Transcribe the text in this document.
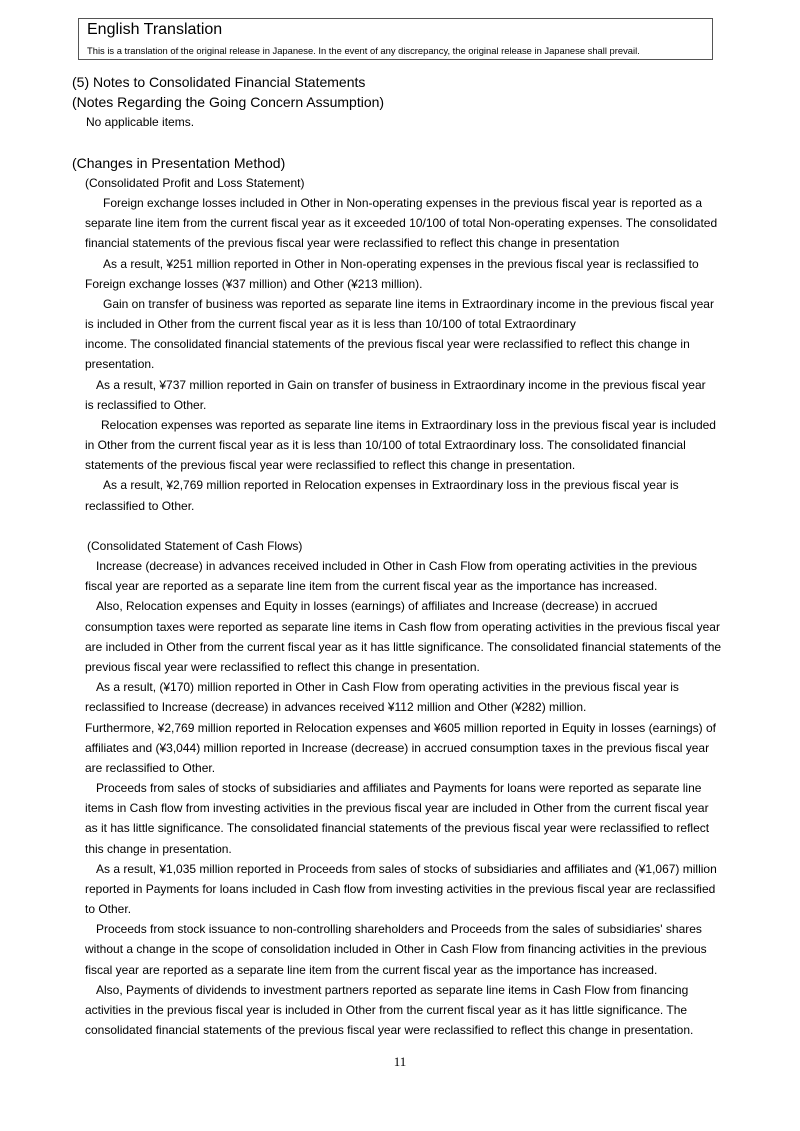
English Translation
This is a translation of the original release in Japanese. In the event of any discrepancy, the original release in Japanese shall prevail.
(5) Notes to Consolidated Financial Statements
(Notes Regarding the Going Concern Assumption)
No applicable items.
(Changes in Presentation Method)
(Consolidated Profit and Loss Statement)
Foreign exchange losses included in Other in Non-operating expenses in the previous fiscal year is reported as a
separate line item from the current fiscal year as it exceeded 10/100 of total Non-operating expenses. The consolidated
financial statements of the previous fiscal year were reclassified to reflect this change in presentation
As a result, ¥251 million reported in Other in Non-operating expenses in the previous fiscal year is reclassified to
Foreign exchange losses (¥37 million) and Other (¥213 million).
Gain on transfer of business was reported as separate line items in Extraordinary income in the previous fiscal year
is included in Other from the current fiscal year as it is less than 10/100 of total Extraordinary
income. The consolidated financial statements of the previous fiscal year were reclassified to reflect this change in
presentation.
As a result, ¥737 million reported in Gain on transfer of business in Extraordinary income in the previous fiscal year
is reclassified to Other.
Relocation expenses was reported as separate line items in Extraordinary loss in the previous fiscal year is included
in Other from the current fiscal year as it is less than 10/100 of total Extraordinary loss. The consolidated financial
statements of the previous fiscal year were reclassified to reflect this change in presentation.
As a result, ¥2,769 million reported in Relocation expenses in Extraordinary loss in the previous fiscal year is
reclassified to Other.
(Consolidated Statement of Cash Flows)
Increase (decrease) in advances received included in Other in Cash Flow from operating activities in the previous
fiscal year are reported as a separate line item from the current fiscal year as the importance has increased.
Also, Relocation expenses and Equity in losses (earnings) of affiliates and Increase (decrease) in accrued
consumption taxes were reported as separate line items in Cash flow from operating activities in the previous fiscal year
are included in Other from the current fiscal year as it has little significance. The consolidated financial statements of the
previous fiscal year were reclassified to reflect this change in presentation.
As a result, (¥170) million reported in Other in Cash Flow from operating activities in the previous fiscal year is
reclassified to Increase (decrease) in advances received ¥112 million and Other (¥282) million.
Furthermore, ¥2,769 million reported in Relocation expenses and ¥605 million reported in Equity in losses (earnings) of
affiliates and (¥3,044) million reported in Increase (decrease) in accrued consumption taxes in the previous fiscal year
are reclassified to Other.
Proceeds from sales of stocks of subsidiaries and affiliates and Payments for loans were reported as separate line
items in Cash flow from investing activities in the previous fiscal year are included in Other from the current fiscal year
as it has little significance. The consolidated financial statements of the previous fiscal year were reclassified to reflect
this change in presentation.
As a result, ¥1,035 million reported in Proceeds from sales of stocks of subsidiaries and affiliates and (¥1,067) million
reported in Payments for loans included in Cash flow from investing activities in the previous fiscal year are reclassified
to Other.
Proceeds from stock issuance to non-controlling shareholders and Proceeds from the sales of subsidiaries' shares
without a change in the scope of consolidation included in Other in Cash Flow from financing activities in the previous
fiscal year are reported as a separate line item from the current fiscal year as the importance has increased.
Also, Payments of dividends to investment partners reported as separate line items in Cash Flow from financing
activities in the previous fiscal year is included in Other from the current fiscal year as it has little significance. The
consolidated financial statements of the previous fiscal year were reclassified to reflect this change in presentation.
11
